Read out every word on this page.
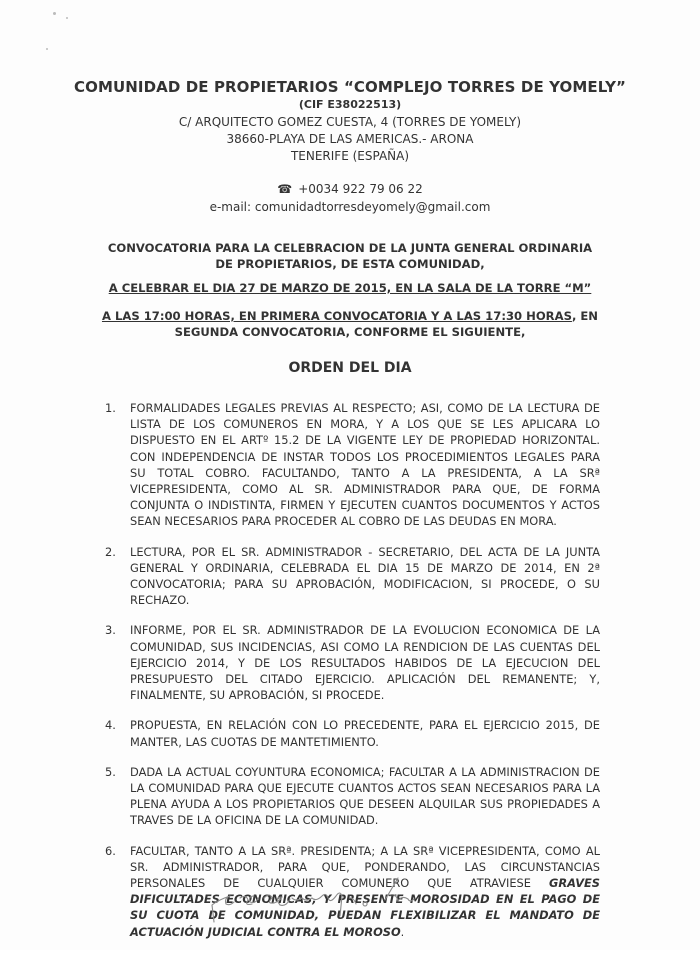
COMUNIDAD DE PROPIETARIOS “COMPLEJO TORRES DE YOMELY”
(CIF E38022513)
C/ ARQUITECTO GOMEZ CUESTA, 4 (TORRES DE YOMELY)
38660-PLAYA DE LAS AMERICAS.- ARONA
TENERIFE (ESPAÑA)
☎ +0034 922 79 06 22
e-mail: comunidadtorresdeyomely@gmail.com
CONVOCATORIA PARA LA CELEBRACION DE LA JUNTA GENERAL ORDINARIA DE PROPIETARIOS, DE ESTA COMUNIDAD,
A CELEBRAR EL DIA 27 DE MARZO DE 2015, EN LA SALA DE LA TORRE “M”
A LAS 17:00 HORAS, EN PRIMERA CONVOCATORIA Y A LAS 17:30 HORAS, EN SEGUNDA CONVOCATORIA, CONFORME EL SIGUIENTE,
ORDEN DEL DIA
1.	FORMALIDADES LEGALES PREVIAS AL RESPECTO; ASI, COMO DE LA LECTURA DE LISTA DE LOS COMUNEROS EN MORA, Y A LOS QUE SE LES APLICARA LO DISPUESTO EN EL ARTº 15.2 DE LA VIGENTE LEY DE PROPIEDAD HORIZONTAL. CON INDEPENDENCIA DE INSTAR TODOS LOS PROCEDIMIENTOS LEGALES PARA SU TOTAL COBRO. FACULTANDO, TANTO A LA PRESIDENTA, A LA SRª VICEPRESIDENTA, COMO AL SR. ADMINISTRADOR PARA QUE, DE FORMA CONJUNTA O INDISTINTA, FIRMEN Y EJECUTEN CUANTOS DOCUMENTOS Y ACTOS SEAN NECESARIOS PARA PROCEDER AL COBRO DE LAS DEUDAS EN MORA.
2.	LECTURA, POR EL SR. ADMINISTRADOR - SECRETARIO, DEL ACTA DE LA JUNTA GENERAL Y ORDINARIA, CELEBRADA EL DIA 15 DE MARZO DE 2014, EN 2ª CONVOCATORIA; PARA SU APROBACIÓN, MODIFICACION, SI PROCEDE, O SU RECHAZO.
3.	INFORME, POR EL SR. ADMINISTRADOR DE LA EVOLUCION ECONOMICA DE LA COMUNIDAD, SUS INCIDENCIAS, ASI COMO LA RENDICION DE LAS CUENTAS DEL EJERCICIO 2014, Y DE LOS RESULTADOS HABIDOS DE LA EJECUCION DEL PRESUPUESTO DEL CITADO EJERCICIO. APLICACIÓN DEL REMANENTE; Y, FINALMENTE, SU APROBACIÓN, SI PROCEDE.
4.	PROPUESTA, EN RELACIÓN CON LO PRECEDENTE, PARA EL EJERCICIO 2015, DE MANTER, LAS CUOTAS DE MANTETIMIENTO.
5.	DADA LA ACTUAL COYUNTURA ECONOMICA; FACULTAR A LA ADMINISTRACION DE LA COMUNIDAD PARA QUE EJECUTE CUANTOS ACTOS SEAN NECESARIOS PARA LA PLENA AYUDA A LOS PROPIETARIOS QUE DESEEN ALQUILAR SUS PROPIEDADES A TRAVES DE LA OFICINA DE LA COMUNIDAD.
6.	FACULTAR, TANTO A LA SRª. PRESIDENTA; A LA SRª VICEPRESIDENTA, COMO AL SR. ADMINISTRADOR, PARA QUE, PONDERANDO, LAS CIRCUNSTANCIAS PERSONALES DE CUALQUIER COMUNERO QUE ATRAVIESE GRAVES DIFICULTADES ECONOMICAS, Y PRESENTE MOROSIDAD EN EL PAGO DE SU CUOTA DE COMUNIDAD, PUEDAN FLEXIBILIZAR EL MANDATO DE ACTUACIÓN JUDICIAL CONTRA EL MOROSO.
